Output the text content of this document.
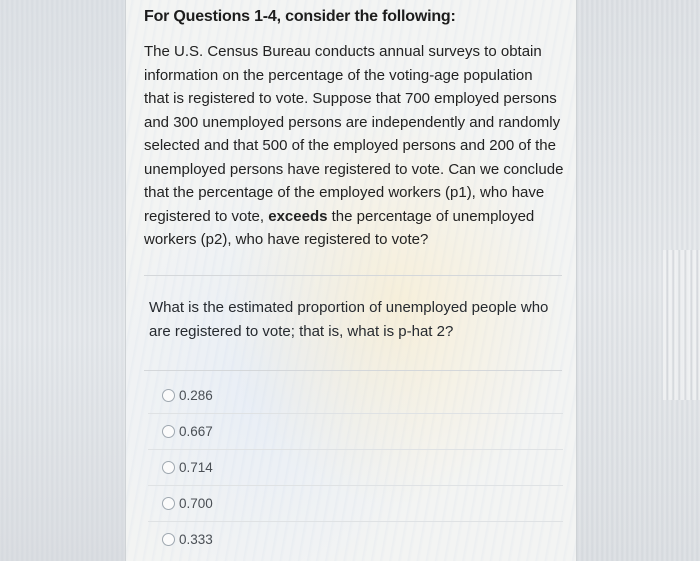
For Questions 1-4, consider the following:
The U.S. Census Bureau conducts annual surveys to obtain
information on the percentage of the voting-age population
that is registered to vote. Suppose that 700 employed persons
and 300 unemployed persons are independently and randomly
selected and that 500 of the employed persons and 200 of the
unemployed persons have registered to vote. Can we conclude
that the percentage of the employed workers (p1), who have
registered to vote, exceeds the percentage of unemployed
workers (p2), who have registered to vote?
What is the estimated proportion of unemployed people who
are registered to vote; that is, what is p-hat 2?
0.286
0.667
0.714
0.700
0.333
